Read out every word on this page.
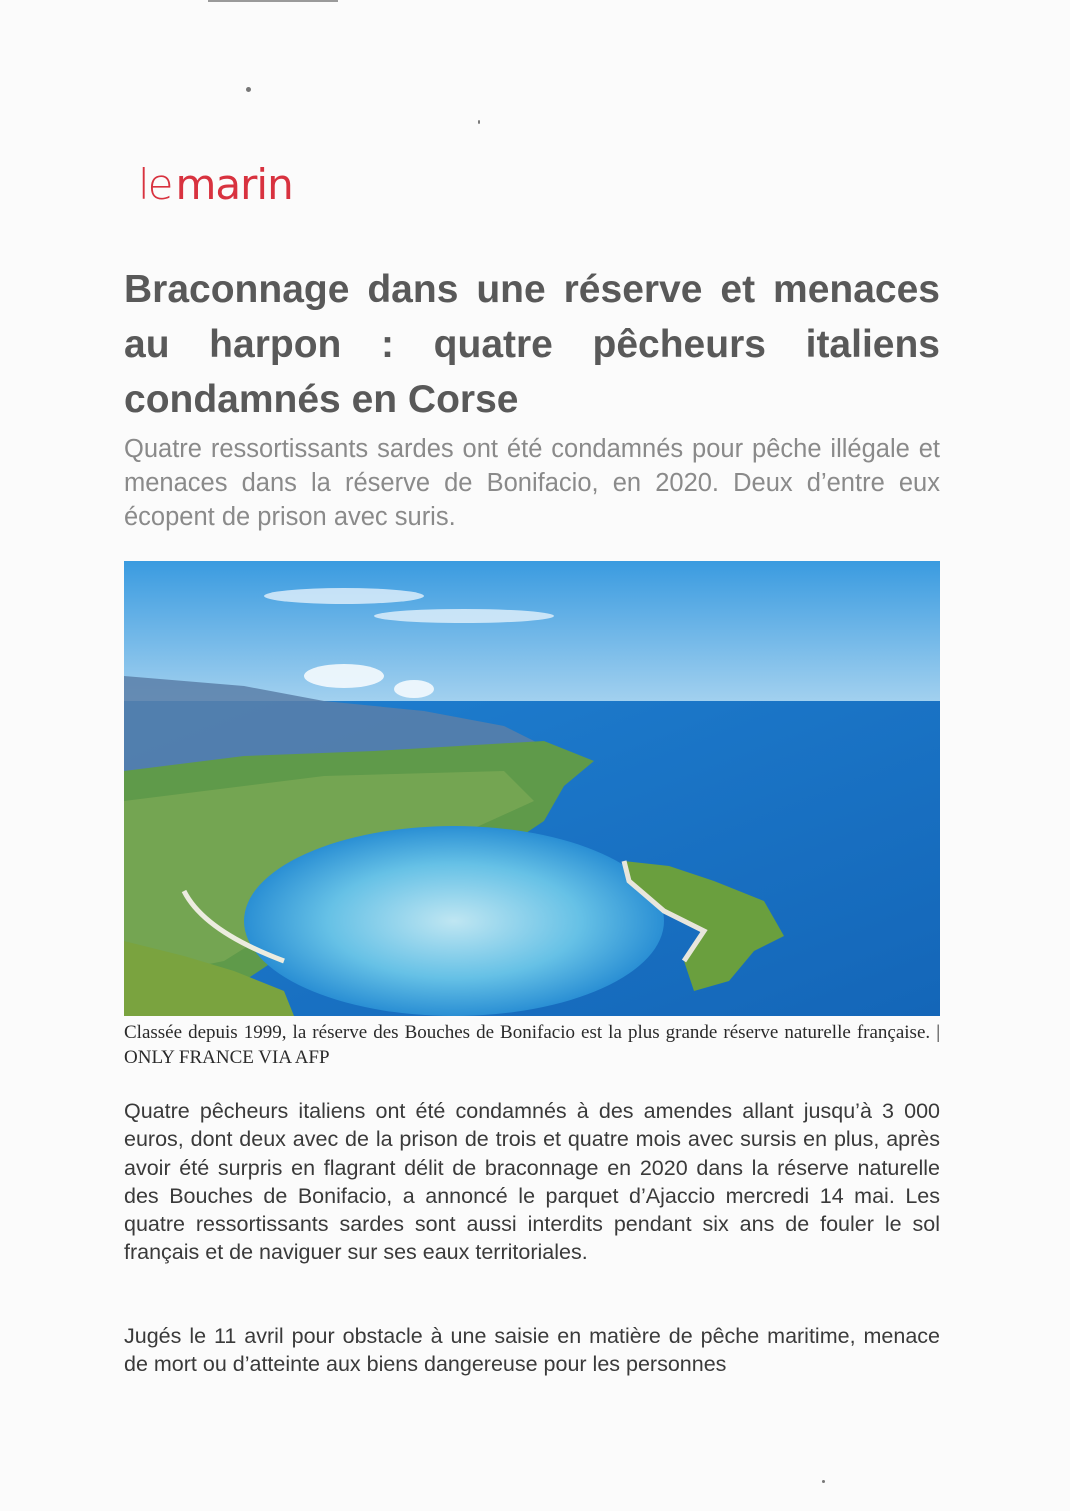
lemarin
Braconnage dans une réserve et menaces au harpon : quatre pêcheurs italiens condamnés en Corse

Quatre ressortissants sardes ont été condamnés pour pêche illégale et menaces dans la réserve de Bonifacio, en 2020. Deux d’entre eux écopent de prison avec suris.

Classée depuis 1999, la réserve des Bouches de Bonifacio est la plus grande réserve naturelle française. | ONLY FRANCE VIA AFP

Quatre pêcheurs italiens ont été condamnés à des amendes allant jusqu’à 3 000 euros, dont deux avec de la prison de trois et quatre mois avec sursis en plus, après avoir été surpris en flagrant délit de braconnage en 2020 dans la réserve naturelle des Bouches de Bonifacio, a annoncé le parquet d’Ajaccio mercredi 14 mai. Les quatre ressortissants sardes sont aussi interdits pendant six ans de fouler le sol français et de naviguer sur ses eaux territoriales.

Jugés le 11 avril pour obstacle à une saisie en matière de pêche maritime, menace de mort ou d’atteinte aux biens dangereuse pour les personnes
